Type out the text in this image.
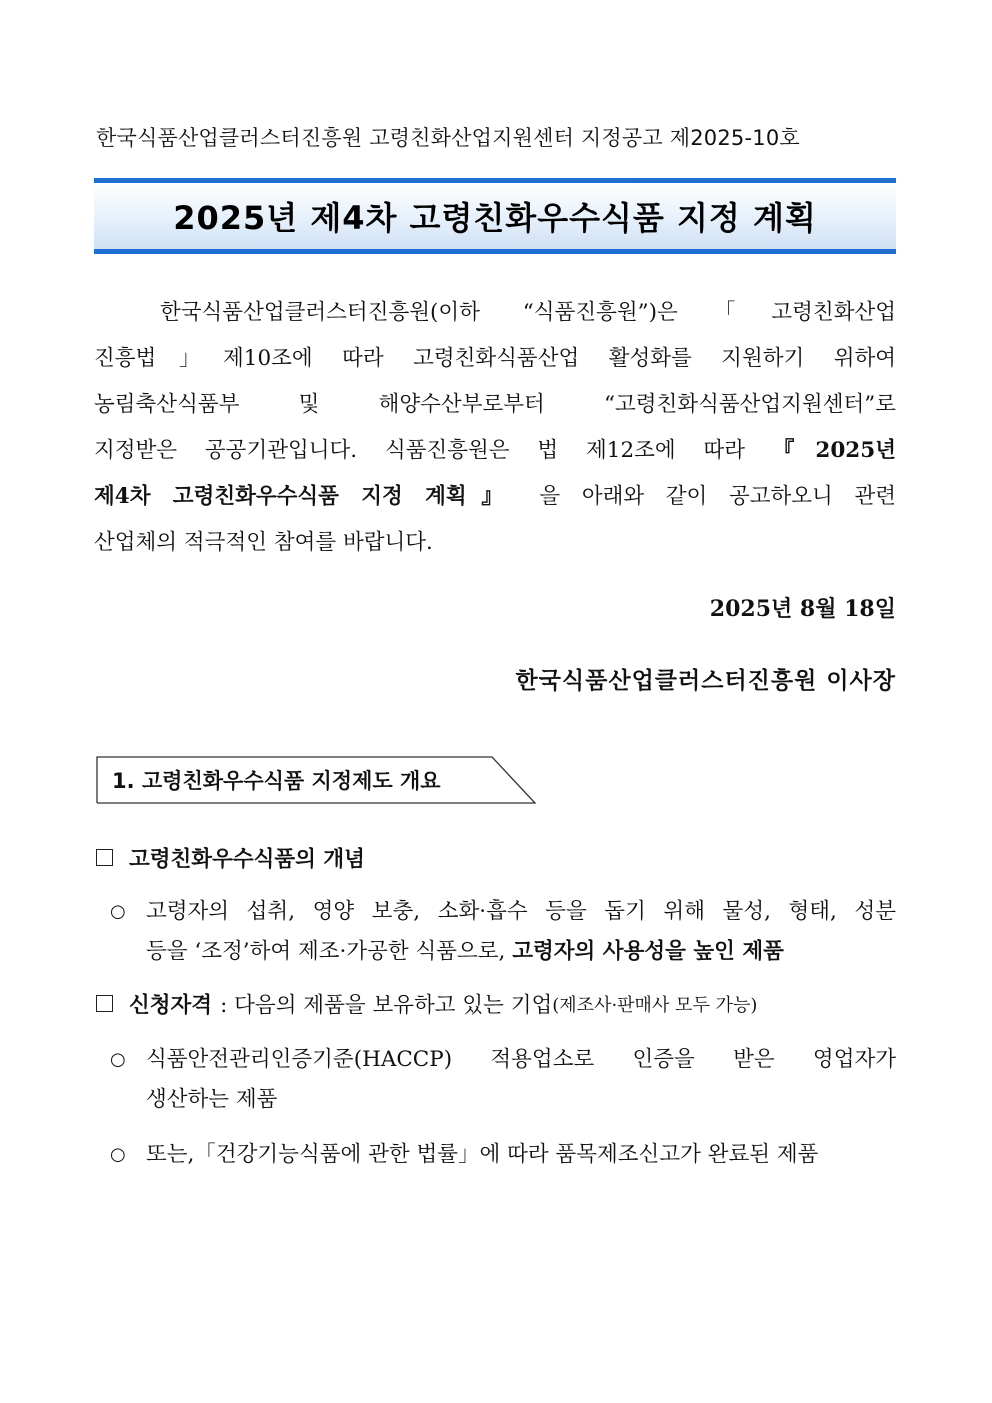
한국식품산업클러스터진흥원 고령친화산업지원센터 지정공고 제2025-10호
2025년 제4차 고령친화우수식품 지정 계획
한국식품산업클러스터진흥원(이하 “식품진흥원”)은「고령친화산업
진흥법」제10조에 따라 고령친화식품산업 활성화를 지원하기 위하여
농림축산식품부 및 해양수산부로부터 “고령친화식품산업지원센터”로
지정받은 공공기관입니다. 식품진흥원은 법 제12조에 따라 『2025년
제4차 고령친화우수식품 지정 계획』 을 아래와 같이 공고하오니 관련
산업체의 적극적인 참여를 바랍니다.
2025년 8월 18일
한국식품산업클러스터진흥원 이사장
1. 고령친화우수식품 지정제도 개요
고령친화우수식품의 개념
○ 고령자의 섭취, 영양 보충, 소화·흡수 등을 돕기 위해 물성, 형태, 성분
등을 ‘조정’하여 제조·가공한 식품으로, 고령자의 사용성을 높인 제품
신청자격 : 다음의 제품을 보유하고 있는 기업 (제조사·판매사 모두 가능)
○ 식품안전관리인증기준(HACCP) 적용업소로 인증을 받은 영업자가
생산하는 제품
○ 또는,「건강기능식품에 관한 법률」에 따라 품목제조신고가 완료된 제품
